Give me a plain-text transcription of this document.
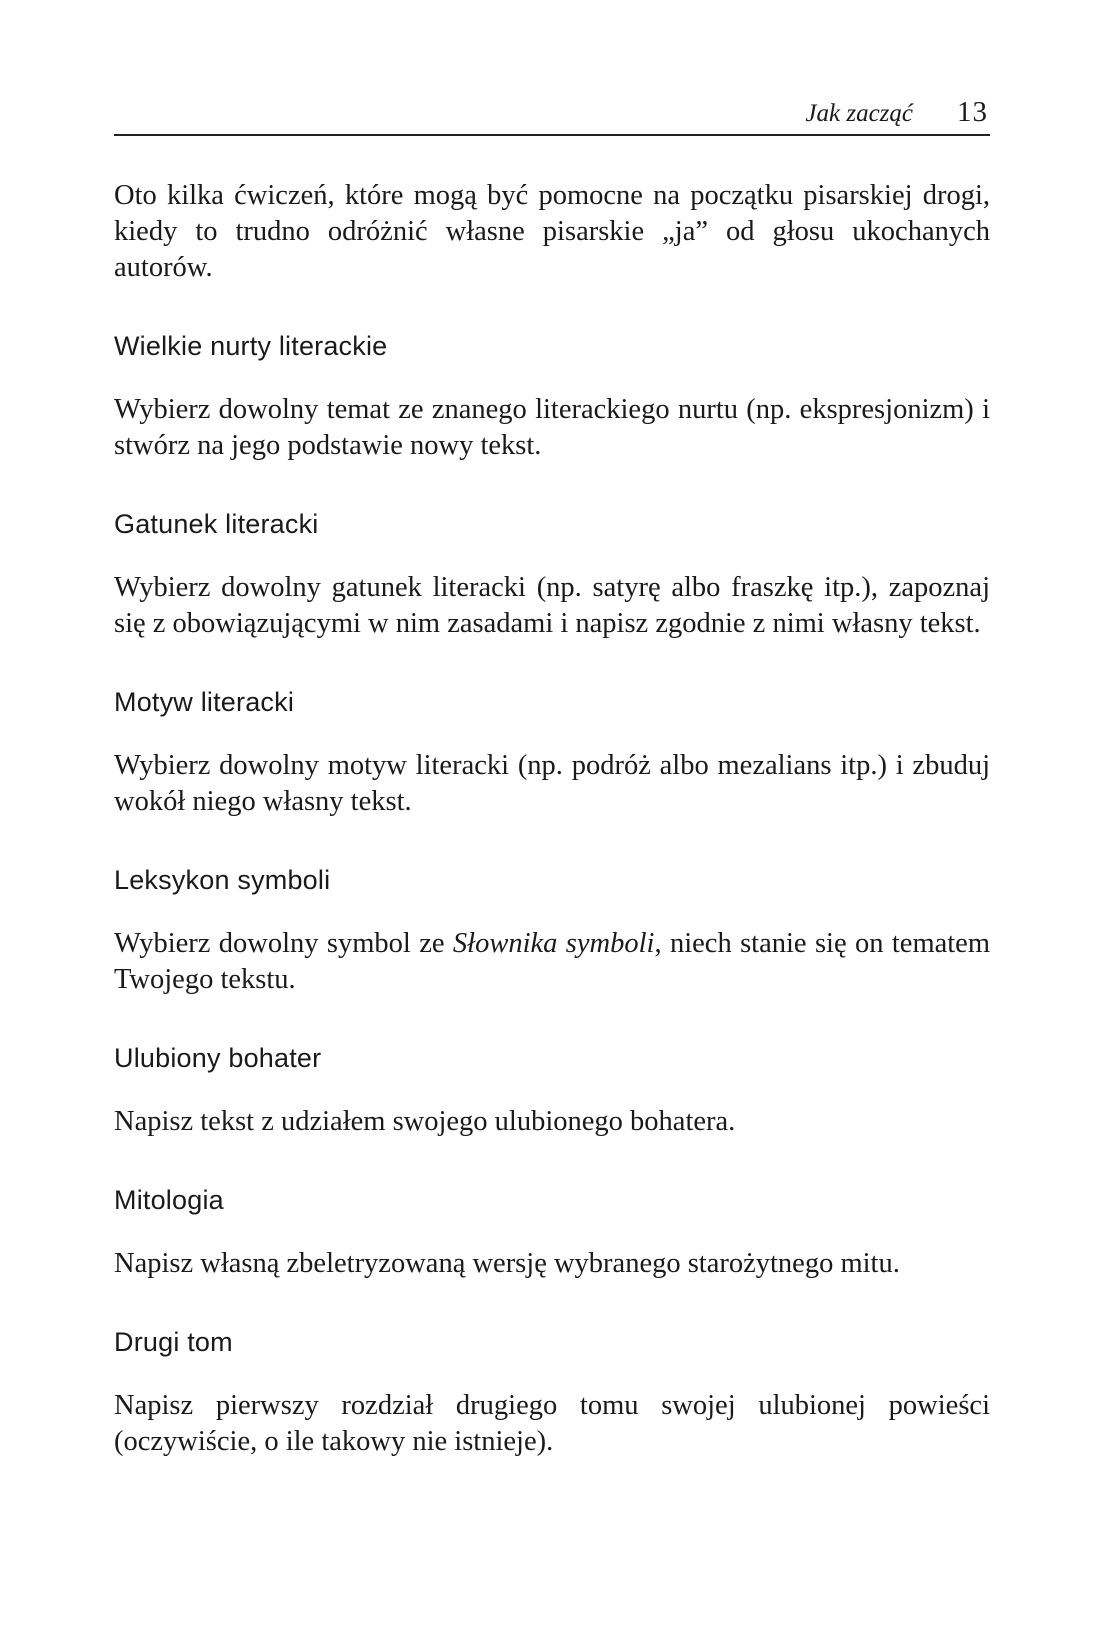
Jak zacząć 13

Oto kilka ćwiczeń, które mogą być pomocne na początku pisarskiej drogi, kiedy to trudno odróżnić własne pisarskie „ja” od głosu ukochanych autorów.

Wielkie nurty literackie

Wybierz dowolny temat ze znanego literackiego nurtu (np. ekspresjonizm) i stwórz na jego podstawie nowy tekst.

Gatunek literacki

Wybierz dowolny gatunek literacki (np. satyrę albo fraszkę itp.), zapoznaj się z obowiązującymi w nim zasadami i napisz zgodnie z nimi własny tekst.

Motyw literacki

Wybierz dowolny motyw literacki (np. podróż albo mezalians itp.) i zbuduj wokół niego własny tekst.

Leksykon symboli

Wybierz dowolny symbol ze Słownika symboli, niech stanie się on tematem Twojego tekstu.

Ulubiony bohater

Napisz tekst z udziałem swojego ulubionego bohatera.

Mitologia

Napisz własną zbeletryzowaną wersję wybranego starożytnego mitu.

Drugi tom

Napisz pierwszy rozdział drugiego tomu swojej ulubionej powieści (oczywiście, o ile takowy nie istnieje).
